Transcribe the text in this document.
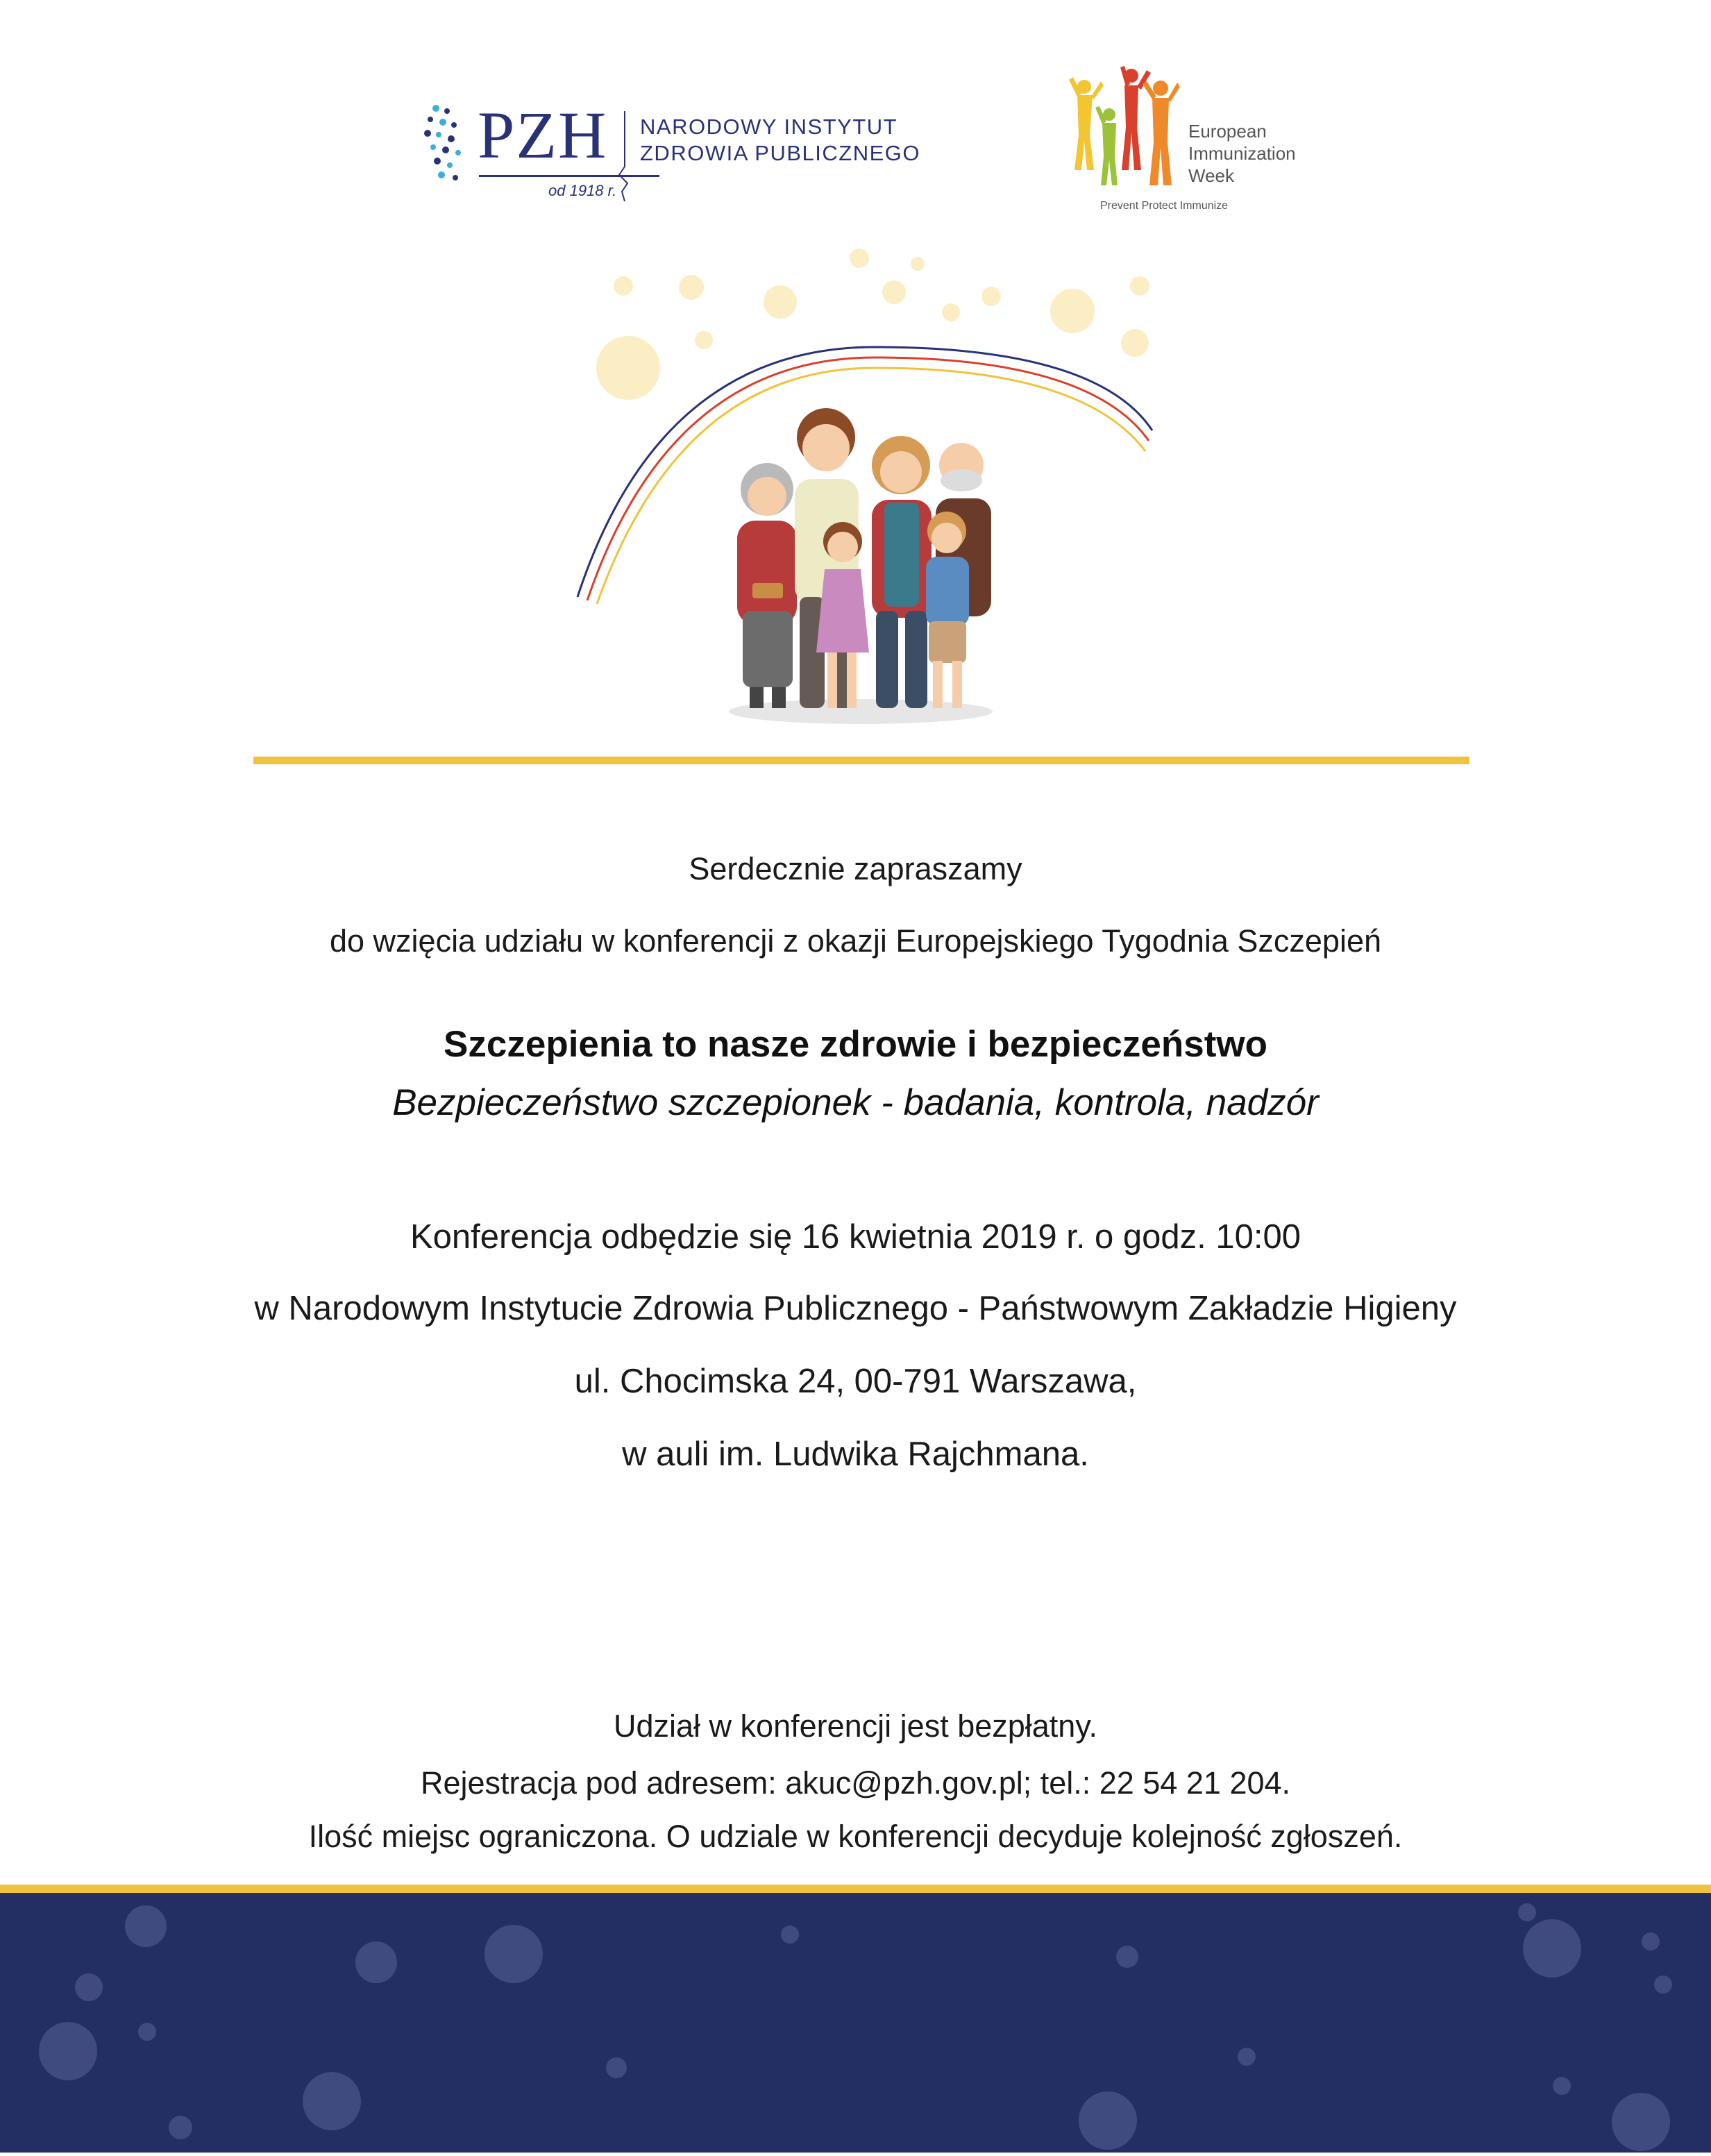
PZH
od 1918 r.
NARODOWY INSTYTUT
ZDROWIA PUBLICZNEGO
European
Immunization
Week
Prevent Protect Immunize
Serdecznie zapraszamy
do wzięcia udziału w konferencji z okazji Europejskiego Tygodnia Szczepień
Szczepienia to nasze zdrowie i bezpieczeństwo
Bezpieczeństwo szczepionek - badania, kontrola, nadzór
Konferencja odbędzie się 16 kwietnia 2019 r. o godz. 10:00
w Narodowym Instytucie Zdrowia Publicznego - Państwowym Zakładzie Higieny
ul. Chocimska 24, 00-791 Warszawa,
w auli im. Ludwika Rajchmana.
Udział w konferencji jest bezpłatny.
Rejestracja pod adresem: akuc@pzh.gov.pl; tel.: 22 54 21 204.
Ilość miejsc ograniczona. O udziale w konferencji decyduje kolejność zgłoszeń.
